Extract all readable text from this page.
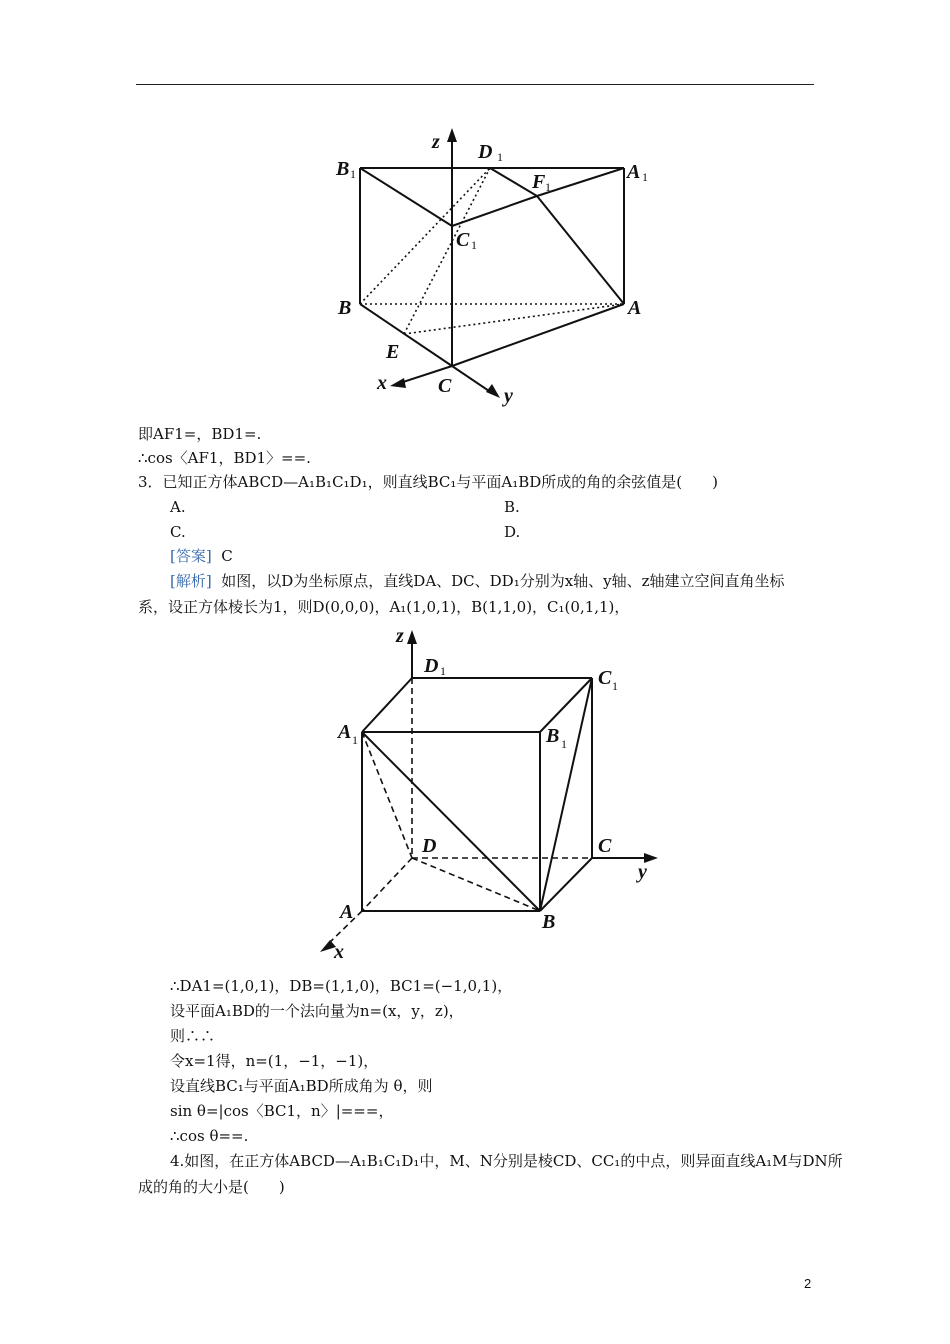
z D 1
B 1	F 1
A 1
C 1
B	A
E
x	C	y
即AF1=，BD1=.
∴cos〈AF1，BD1〉==.
3．已知正方体ABCD—A₁B₁C₁D₁，则直线BC₁与平面A₁BD所成的角的余弦值是(　　)
A.	B.
C.	D.
[答案] C
[解析] 如图，以D为坐标原点，直线DA、DC、DD₁分别为x轴、y轴、z轴建立空间直角坐标
系，设正方体棱长为1，则D(0,0,0)，A₁(1,0,1)，B(1,1,0)，C₁(0,1,1)，
z
D 1	C 1
A 1	B 1
D	C
y
A	B
x
∴DA1=(1,0,1)，DB=(1,1,0)，BC1=(−1,0,1)，
设平面A₁BD的一个法向量为n=(x，y，z)，
则∴∴
令x=1得，n=(1，−1，−1)，
设直线BC₁与平面A₁BD所成角为 θ，则
sin θ=|cos〈BC1，n〉|===，
∴cos θ==.
4.如图，在正方体ABCD—A₁B₁C₁D₁中，M、N分别是棱CD、CC₁的中点，则异面直线A₁M与DN所
成的角的大小是(　　)
2
